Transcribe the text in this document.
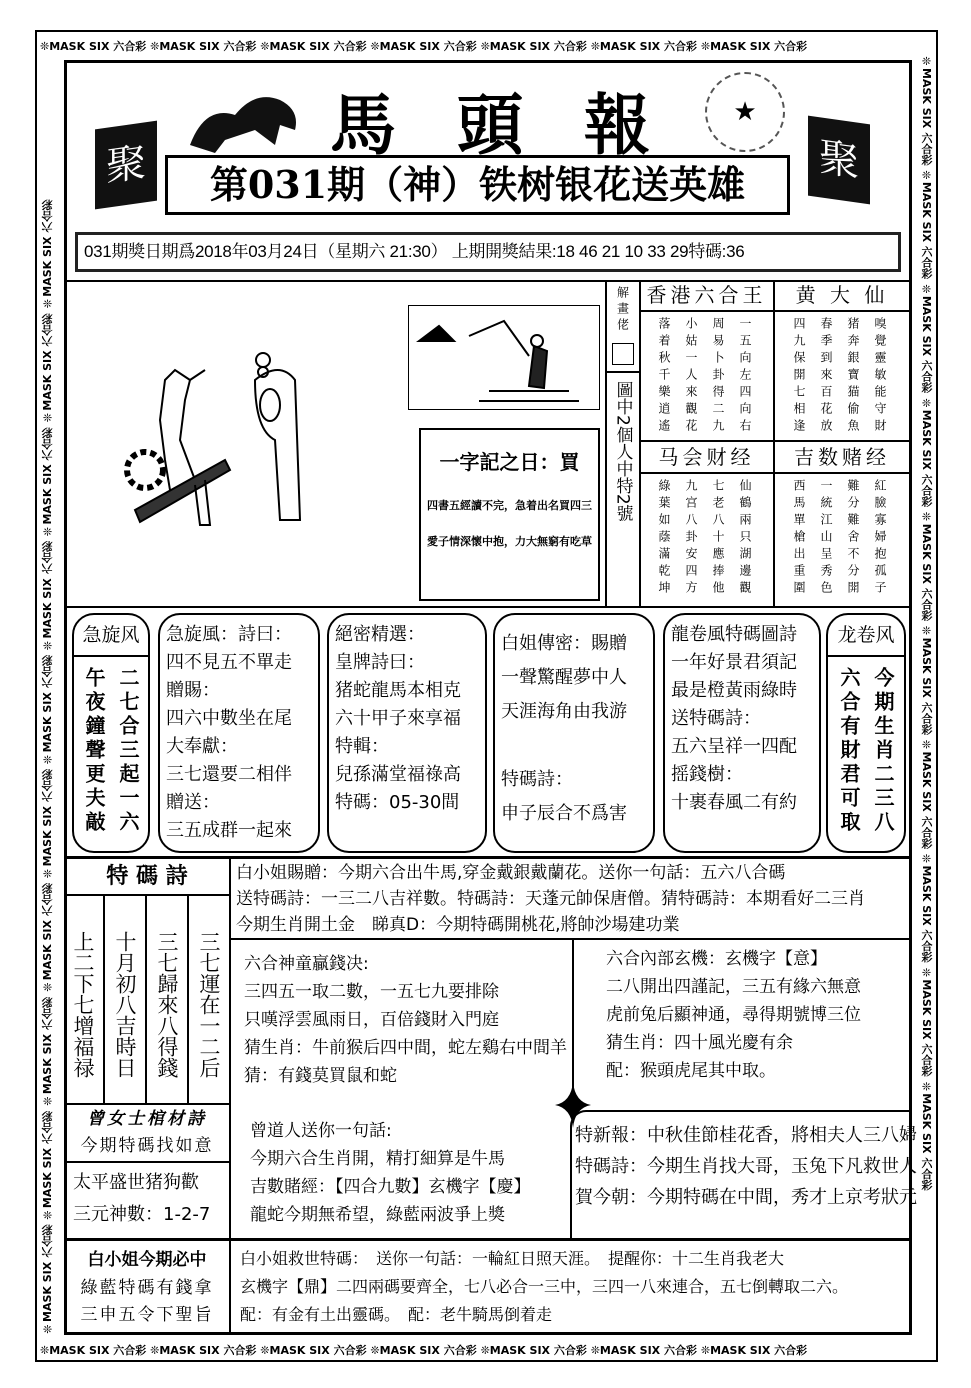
❊MASK SIX 六合彩 ❊MASK SIX 六合彩 ❊MASK SIX 六合彩 ❊MASK SIX 六合彩 ❊MASK SIX 六合彩 ❊MASK SIX 六合彩 ❊MASK SIX 六合彩
❊MASK SIX 六合彩 ❊MASK SIX 六合彩 ❊MASK SIX 六合彩 ❊MASK SIX 六合彩 ❊MASK SIX 六合彩 ❊MASK SIX 六合彩 ❊MASK SIX 六合彩
❊MASK SIX 六合彩 ❊MASK SIX 六合彩 ❊MASK SIX 六合彩 ❊MASK SIX 六合彩 ❊MASK SIX 六合彩 ❊MASK SIX 六合彩 ❊MASK SIX 六合彩 ❊MASK SIX 六合彩 ❊MASK SIX 六合彩 ❊MASK SIX 六合彩
❊MASK SIX 六合彩 ❊MASK SIX 六合彩 ❊MASK SIX 六合彩 ❊MASK SIX 六合彩 ❊MASK SIX 六合彩 ❊MASK SIX 六合彩 ❊MASK SIX 六合彩 ❊MASK SIX 六合彩 ❊MASK SIX 六合彩 ❊MASK SIX 六合彩
馬 頭 報	★
聚	聚
第031期（神）铁树银花送英雄
031期獎日期爲2018年03月24日（星期六 21:30） 上期開獎結果:18 46 21 10 33 29特碼:36
一字記之日：買
四書五經讀不完，急着出名買四三
愛子情深懷中抱，力大無窮有吃草
解畫佬
圖中2個人中特2號
香港六合王
一五向左四向右
周易卜卦得二九
小姑一人來觀花
落着秋千樂逍遙
黄 大 仙
嗅覺靈敏能守財
猪奔銀寶猫偷魚
春季到來百花放
四九保開七相逢
马会财经
仙鶴兩只湖邊觀
七老八十應捧他
九宫八卦安四方
綠葉如蔭滿乾坤
吉数赌经
紅臉寡婦抱孤子
難分難舍不分開
一統江山呈秀色
西馬單槍出重圍
急旋风
二七合三起一六
午夜鐘聲更夫敲
急旋風：詩曰：
四不見五不單走
贈賜：
四六中數坐在尾
大奉獻：
三七還要二相伴
贈送：
三五成群一起來
絕密精選：
皇牌詩曰：
猪蛇龍馬本相克
六十甲子來享福
特輯：
兒孫滿堂福祿高
特碼：05-30間
白姐傳密：賜贈
一聲驚醒夢中人
天涯海角由我游
特碼詩：
申子辰合不爲害
龍卷風特碼圖詩
一年好景君須記
最是橙黃雨綠時
送特碼詩：
五六呈祥一四配
摇錢樹：
十裹春風二有約
龙卷风
今期生肖二三八
六合有財君可取
特 碼 詩
三七運在一二后
三七歸來八得錢
十月初八吉時日
上二下七增福禄
曾女士棺材詩
今期特碼找如意
太平盛世猪狗歡
三元神數：1-2-7
白小姐賜贈：今期六合出牛馬,穿金戴銀戴蘭花。送你一句話：五六八合碼
送特碼詩：一三二八吉祥數。特碼詩：天蓬元帥保唐僧。猜特碼詩：本期看好二三肖
今期生肖開土金　睇真D：今期特碼開桃花,將帥沙場建功業
六合神童贏錢决:
三四五一取二數，一五七九要排除
只嘆浮雲風雨日，百倍錢財入門庭
猜生肖：牛前猴后四中間，蛇左鷄右中間羊
猜：有錢莫買鼠和蛇
六合內部玄機：玄機字【意】
二八開出四謹記，三五有緣六無意
虎前兔后顯神通，尋得期號博三位
猜生肖：四十風光慶有余
配：猴頭虎尾其中取。
曾道人送你一句話:
今期六合生肖開，精打細算是牛馬
吉數賭經：【四合九數】玄機字【慶】
龍蛇今期無希望，綠藍兩波爭上獎
特新報：中秋佳節桂花香，將相夫人三八婦
特碼詩：今期生肖找大哥，玉兔下凡救世人
賀今朝：今期特碼在中間，秀才上京考狀元
白小姐今期必中
綠藍特碼有錢拿
三申五令下聖旨
白小姐救世特碼：　送你一句話：一輪紅日照天涯。　提醒你：十二生肖我老大
玄機字【鼎】二四兩碼要齊全，七八必合一三中，三四一八來連合，五七倒轉取二六。
配：有金有土出靈碼。　配：老牛騎馬倒着走
